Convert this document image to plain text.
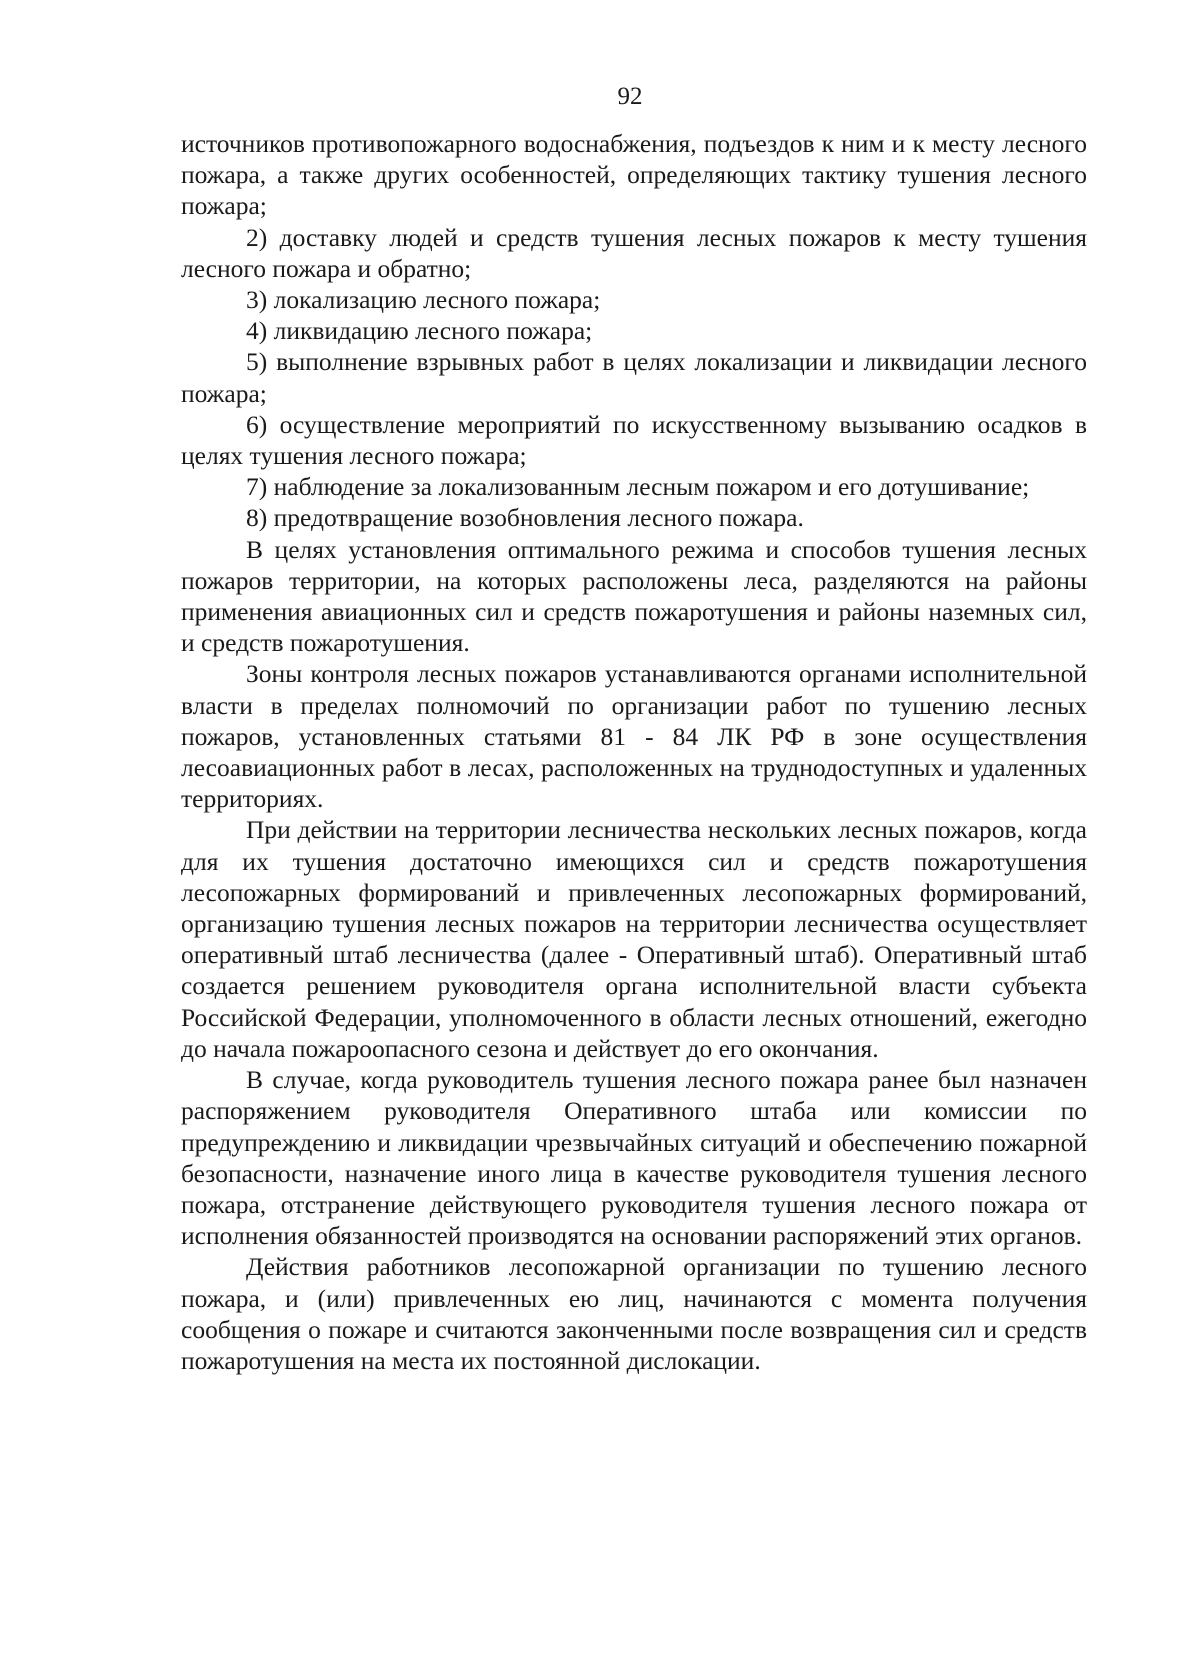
92

источников противопожарного водоснабжения, подъездов к ним и к месту лесного пожара, а также других особенностей, определяющих тактику тушения лесного пожара;

2) доставку людей и средств тушения лесных пожаров к месту тушения лесного пожара и обратно;

3) локализацию лесного пожара;

4) ликвидацию лесного пожара;

5) выполнение взрывных работ в целях локализации и ликвидации лесного пожара;

6) осуществление мероприятий по искусственному вызыванию осадков в целях тушения лесного пожара;

7) наблюдение за локализованным лесным пожаром и его дотушивание;

8) предотвращение возобновления лесного пожара.

В целях установления оптимального режима и способов тушения лесных пожаров территории, на которых расположены леса, разделяются на районы применения авиационных сил и средств пожаротушения и районы наземных сил, и средств пожаротушения.

Зоны контроля лесных пожаров устанавливаются органами исполнительной власти в пределах полномочий по организации работ по тушению лесных пожаров, установленных статьями 81 - 84 ЛК РФ в зоне осуществления лесоавиационных работ в лесах, расположенных на труднодоступных и удаленных территориях.

При действии на территории лесничества нескольких лесных пожаров, когда для их тушения достаточно имеющихся сил и средств пожаротушения лесопожарных формирований и привлеченных лесопожарных формирований, организацию тушения лесных пожаров на территории лесничества осуществляет оперативный штаб лесничества (далее - Оперативный штаб). Оперативный штаб создается решением руководителя органа исполнительной власти субъекта Российской Федерации, уполномоченного в области лесных отношений, ежегодно до начала пожароопасного сезона и действует до его окончания.

В случае, когда руководитель тушения лесного пожара ранее был назначен распоряжением руководителя Оперативного штаба или комиссии по предупреждению и ликвидации чрезвычайных ситуаций и обеспечению пожарной безопасности, назначение иного лица в качестве руководителя тушения лесного пожара, отстранение действующего руководителя тушения лесного пожара от исполнения обязанностей производятся на основании распоряжений этих органов.

Действия работников лесопожарной организации по тушению лесного пожара, и (или) привлеченных ею лиц, начинаются с момента получения сообщения о пожаре и считаются законченными после возвращения сил и средств пожаротушения на места их постоянной дислокации.
